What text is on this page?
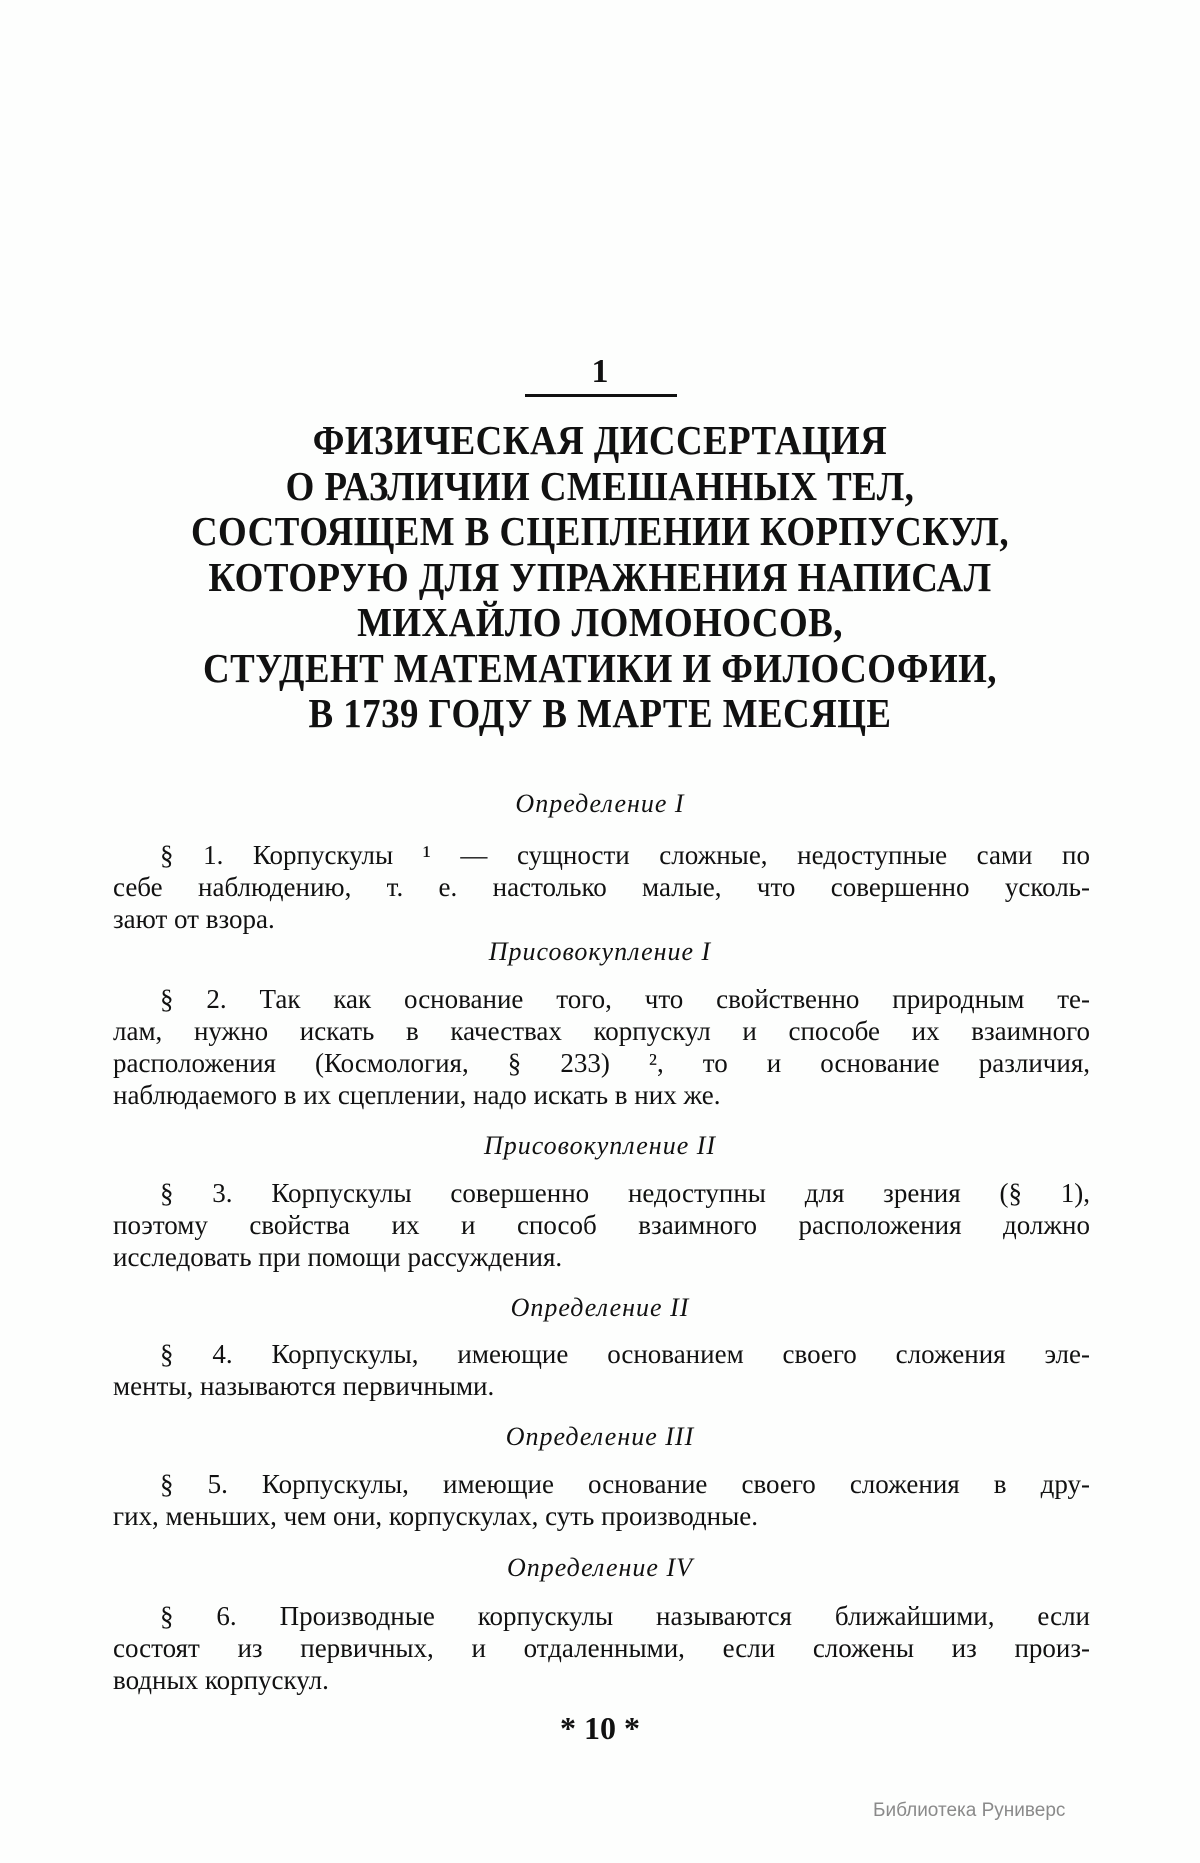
1
ФИЗИЧЕСКАЯ ДИССЕРТАЦИЯ
О РАЗЛИЧИИ СМЕШАННЫХ ТЕЛ,
СОСТОЯЩЕМ В СЦЕПЛЕНИИ КОРПУСКУЛ,
КОТОРУЮ ДЛЯ УПРАЖНЕНИЯ НАПИСАЛ
МИХАЙЛО ЛОМОНОСОВ,
СТУДЕНТ МАТЕМАТИКИ И ФИЛОСОФИИ,
В 1739 ГОДУ В МАРТЕ МЕСЯЦЕ
Определение I
§ 1. Корпускулы ¹ — сущности сложные, недоступные сами по
себе наблюдению, т. е. настолько малые, что совершенно усколь-
зают от взора.
Присовокупление I
§ 2. Так как основание того, что свойственно природным те-
лам, нужно искать в качествах корпускул и способе их взаимного
расположения (Космология, § 233) ², то и основание различия,
наблюдаемого в их сцеплении, надо искать в них же.
Присовокупление II
§ 3. Корпускулы совершенно недоступны для зрения (§ 1),
поэтому свойства их и способ взаимного расположения должно
исследовать при помощи рассуждения.
Определение II
§ 4. Корпускулы, имеющие основанием своего сложения эле-
менты, называются первичными.
Определение III
§ 5. Корпускулы, имеющие основание своего сложения в дру-
гих, меньших, чем они, корпускулах, суть производные.
Определение IV
§ 6. Производные корпускулы называются ближайшими, если
состоят из первичных, и отдаленными, если сложены из произ-
водных корпускул.
* 10 *
Библиотека Руниверс
